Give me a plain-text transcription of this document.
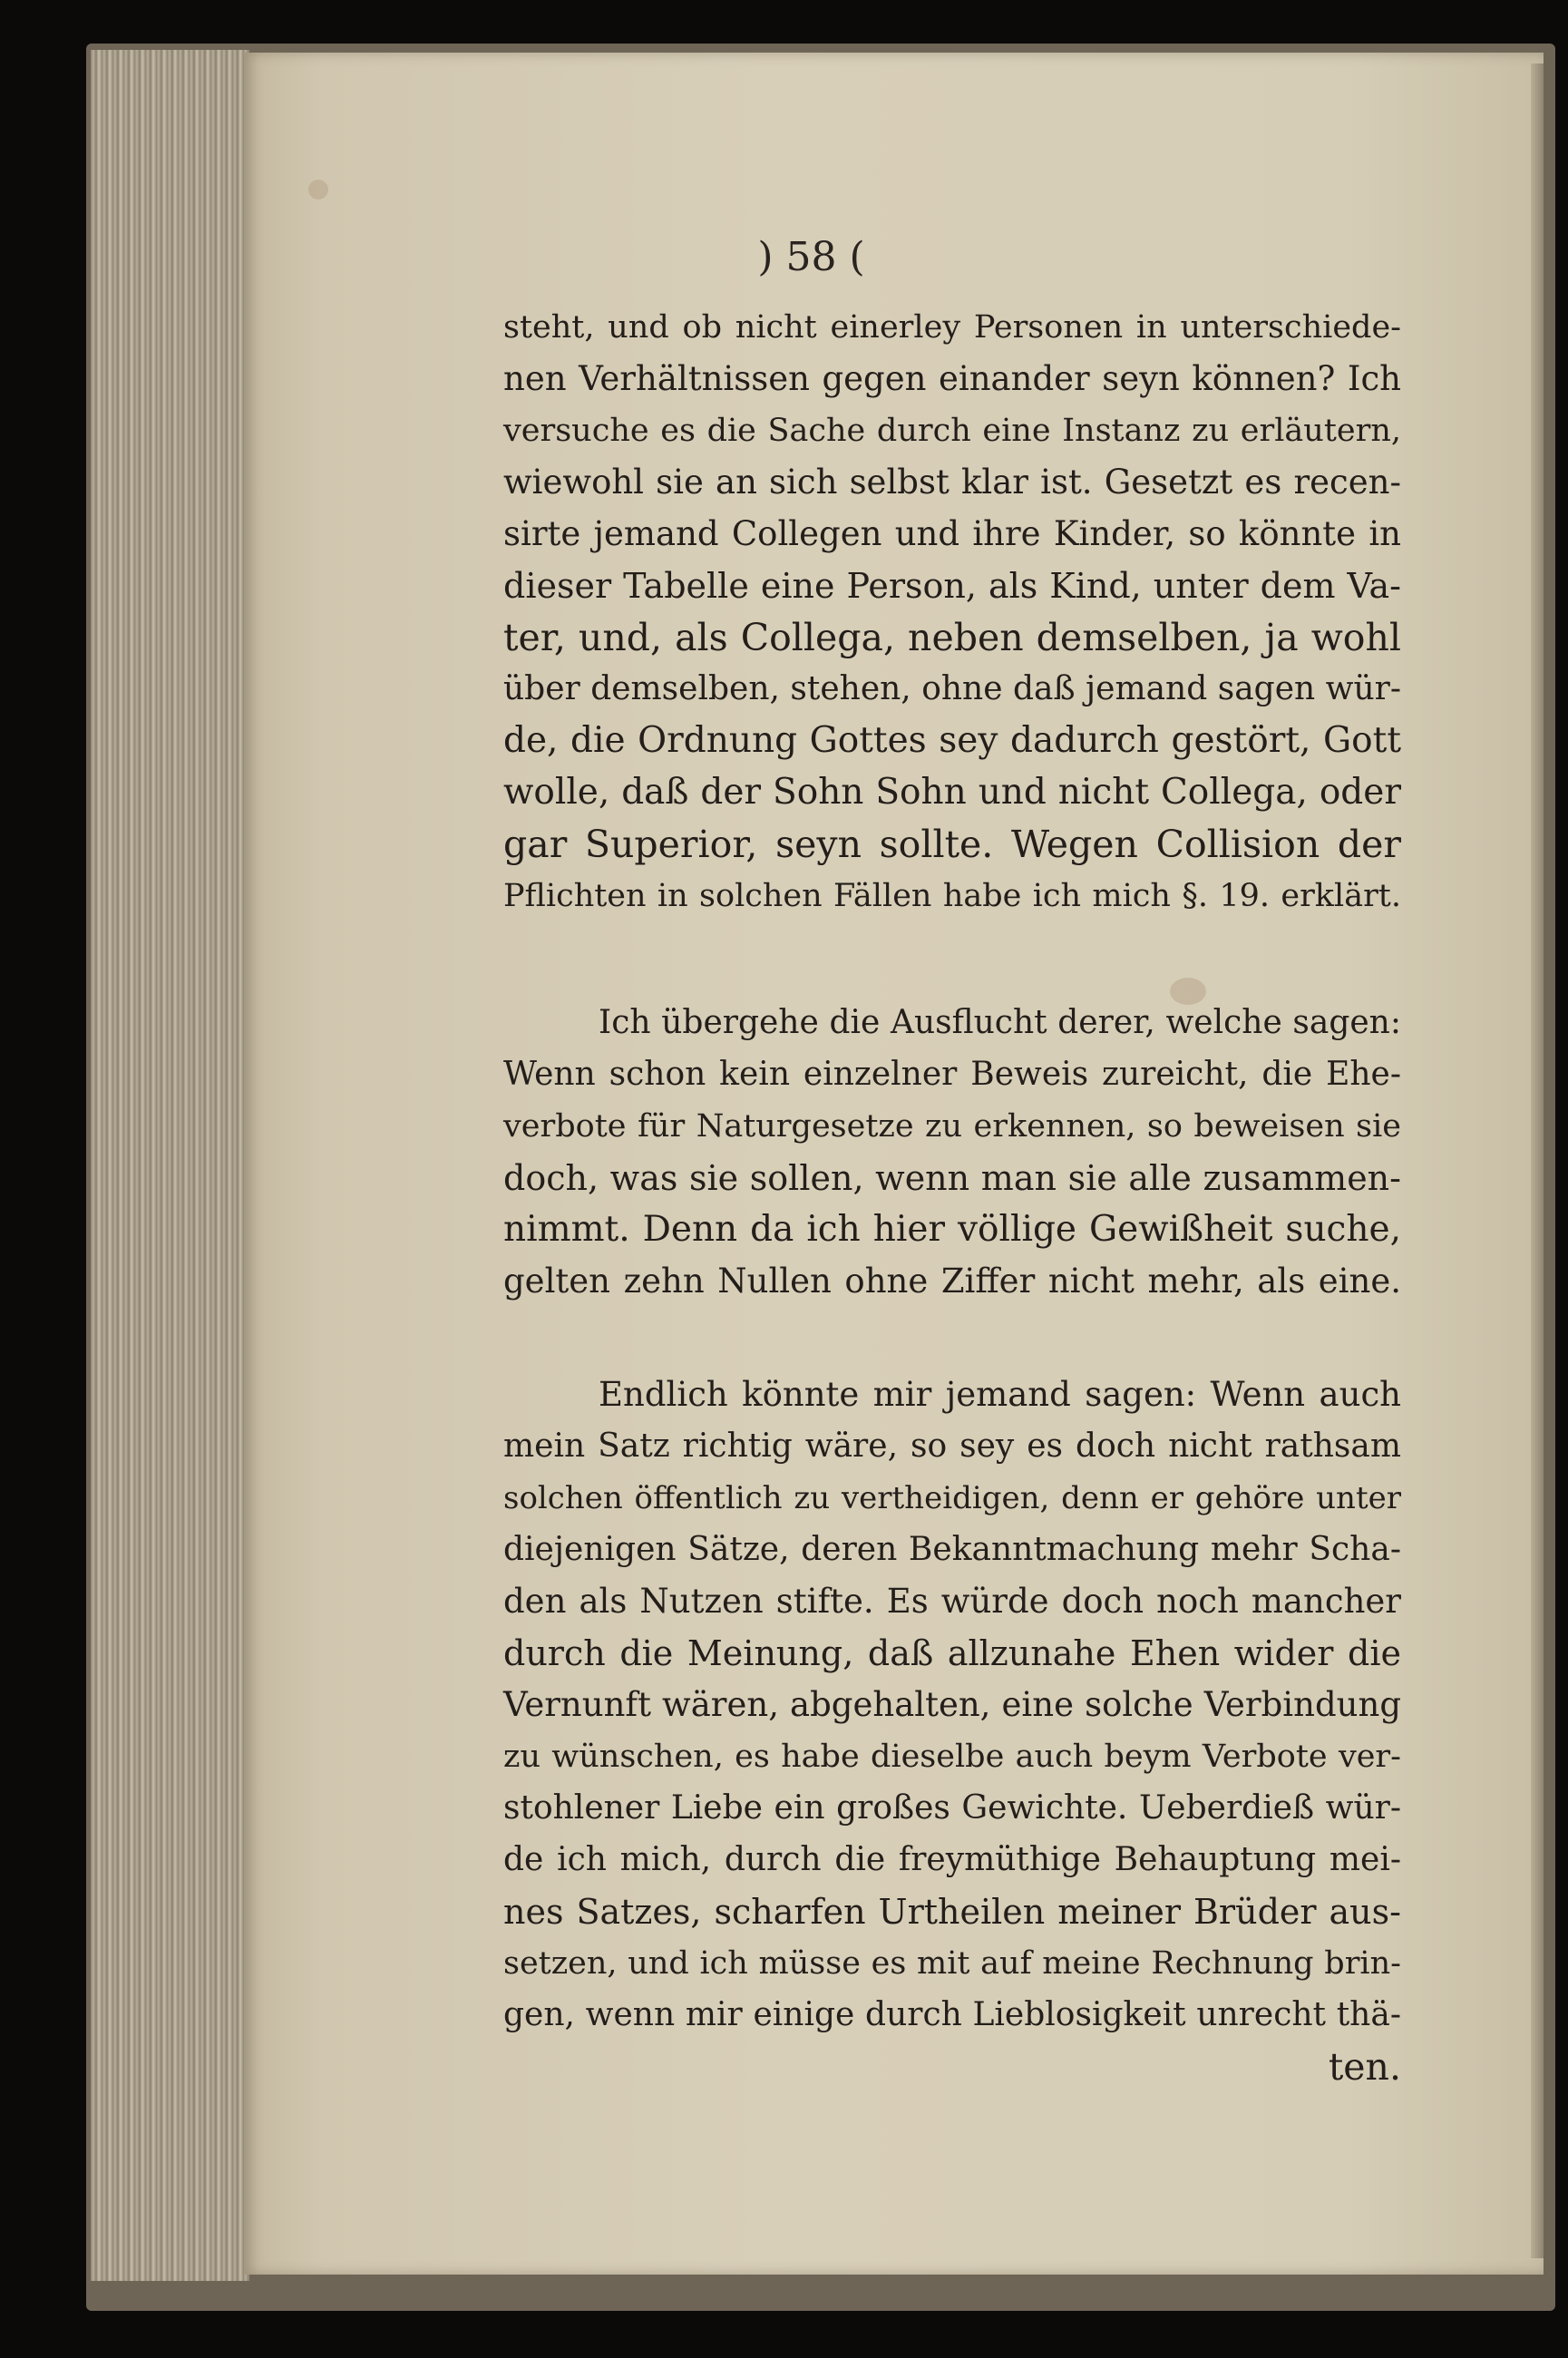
) 58 (
steht, und ob nicht einerley Personen in unterschiede-
nen Verhältnissen gegen einander seyn können? Ich
versuche es die Sache durch eine Instanz zu erläutern,
wiewohl sie an sich selbst klar ist. Gesetzt es recen-
sirte jemand Collegen und ihre Kinder, so könnte in
dieser Tabelle eine Person, als Kind, unter dem Va-
ter, und, als Collega, neben demselben, ja wohl
über demselben, stehen, ohne daß jemand sagen wür-
de, die Ordnung Gottes sey dadurch gestört, Gott
wolle, daß der Sohn Sohn und nicht Collega, oder
gar Superior, seyn sollte. Wegen Collision der
Pflichten in solchen Fällen habe ich mich §. 19. erklärt.
Ich übergehe die Ausflucht derer, welche sagen:
Wenn schon kein einzelner Beweis zureicht, die Ehe-
verbote für Naturgesetze zu erkennen, so beweisen sie
doch, was sie sollen, wenn man sie alle zusammen-
nimmt. Denn da ich hier völlige Gewißheit suche,
gelten zehn Nullen ohne Ziffer nicht mehr, als eine.
Endlich könnte mir jemand sagen: Wenn auch
mein Satz richtig wäre, so sey es doch nicht rathsam
solchen öffentlich zu vertheidigen, denn er gehöre unter
diejenigen Sätze, deren Bekanntmachung mehr Scha-
den als Nutzen stifte. Es würde doch noch mancher
durch die Meinung, daß allzunahe Ehen wider die
Vernunft wären, abgehalten, eine solche Verbindung
zu wünschen, es habe dieselbe auch beym Verbote ver-
stohlener Liebe ein großes Gewichte. Ueberdieß wür-
de ich mich, durch die freymüthige Behauptung mei-
nes Satzes, scharfen Urtheilen meiner Brüder aus-
setzen, und ich müsse es mit auf meine Rechnung brin-
gen, wenn mir einige durch Lieblosigkeit unrecht thä-
ten.
